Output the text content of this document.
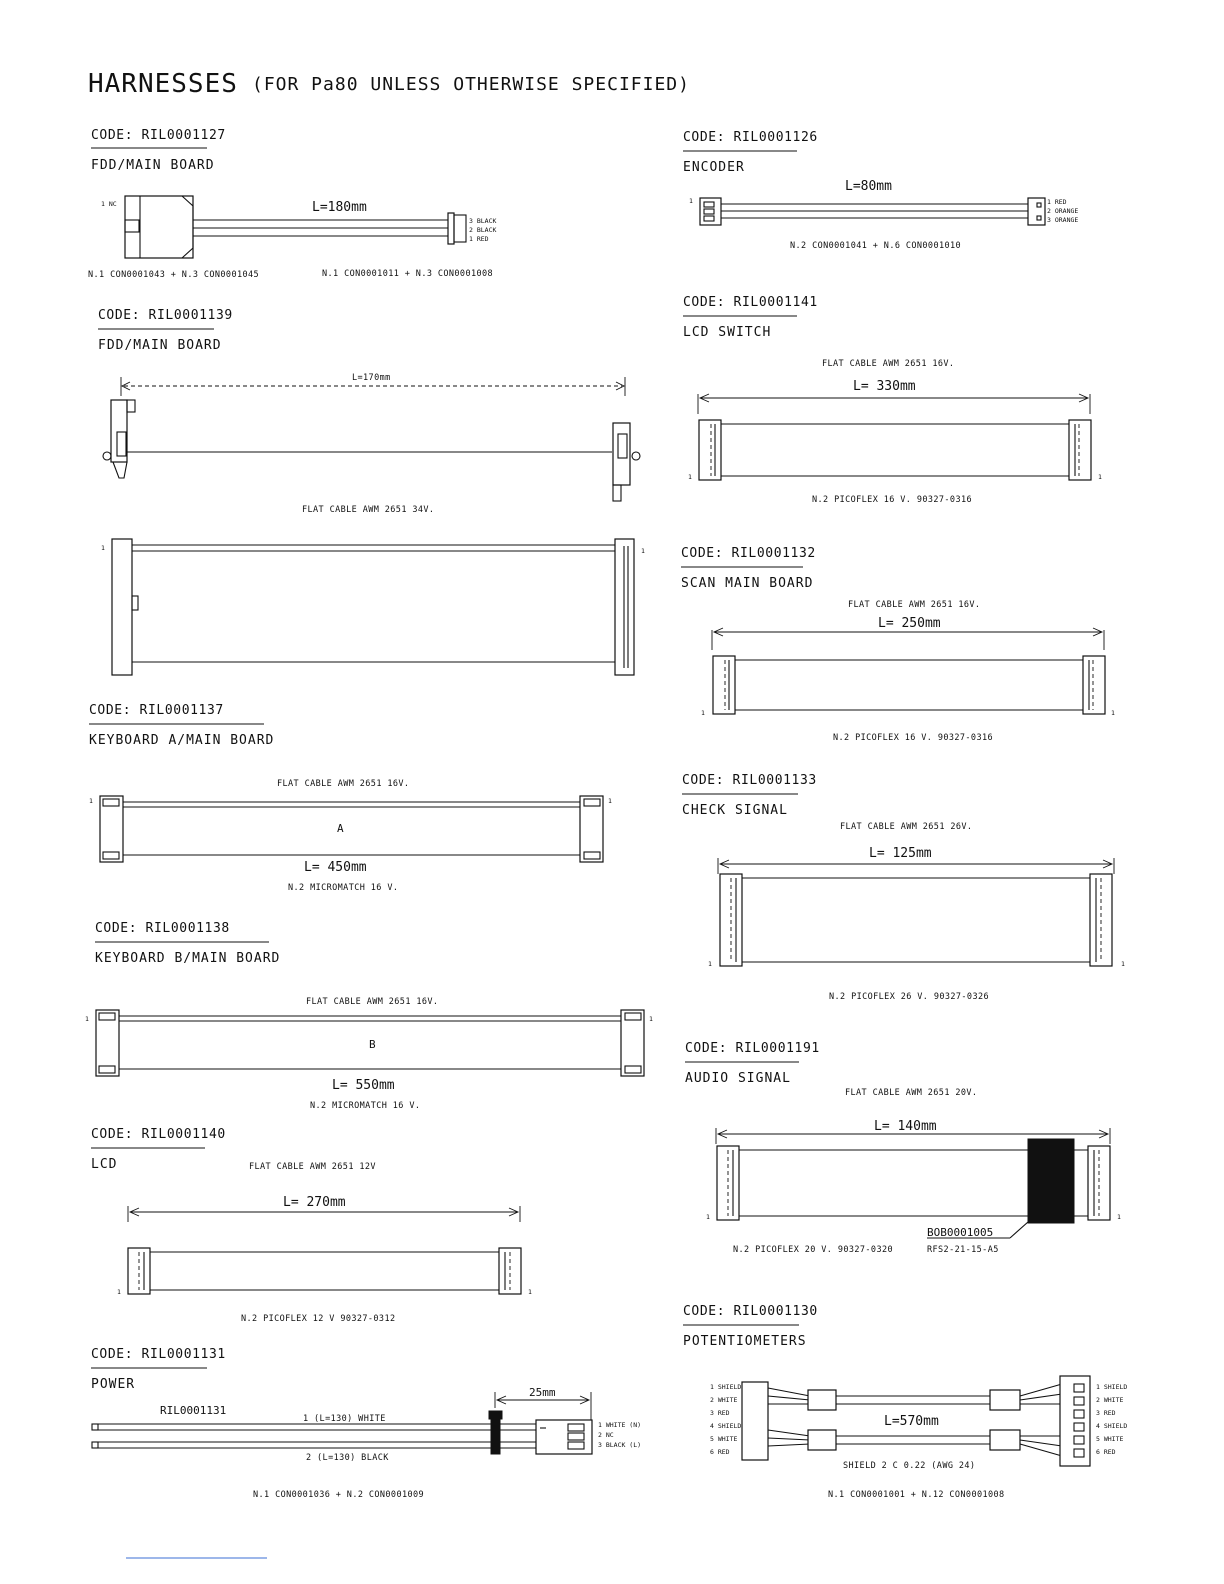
HARNESSES (FOR Pa80 UNLESS OTHERWISE SPECIFIED)
CODE: RIL0001127
FDD/MAIN BOARD
1 NC	L=180mm
3 BLACK
2 BLACK
1 RED
N.1 CON0001043 + N.3 CON0001045	N.1 CON0001011 + N.3 CON0001008
CODE: RIL0001126
ENCODER
L=80mm
1	1 RED
2 ORANGE
3 ORANGE
N.2 CON0001041 + N.6 CON0001010
CODE: RIL0001139
FDD/MAIN BOARD
L=170mm
FLAT CABLE AWM 2651 34V.
1	1
CODE: RIL0001141
LCD SWITCH
FLAT CABLE AWM 2651 16V.
L= 330mm
1	1
N.2 PICOFLEX 16 V. 90327-0316
CODE: RIL0001132
SCAN MAIN BOARD
FLAT CABLE AWM 2651 16V.
L= 250mm
1	1
N.2 PICOFLEX 16 V. 90327-0316
CODE: RIL0001137
KEYBOARD A/MAIN BOARD
FLAT CABLE AWM 2651 16V.
1	1
A
L= 450mm
N.2 MICROMATCH 16 V.
CODE: RIL0001133
CHECK SIGNAL
FLAT CABLE AWM 2651 26V.
L= 125mm
1	1
N.2 PICOFLEX 26 V. 90327-0326
CODE: RIL0001138
KEYBOARD B/MAIN BOARD
FLAT CABLE AWM 2651 16V.
1	1
B
L= 550mm
N.2 MICROMATCH 16 V.
CODE: RIL0001191
AUDIO SIGNAL
FLAT CABLE AWM 2651 20V.
L= 140mm
1	1
BOB0001005
RFS2-21-15-A5
N.2 PICOFLEX 20 V. 90327-0320
CODE: RIL0001140
LCD	FLAT CABLE AWM 2651 12V
L= 270mm
1	1
N.2 PICOFLEX 12 V 90327-0312	CODE: RIL0001130
POTENTIOMETERS
1 SHIELD
2 WHITE
3 RED
4 SHIELD
5 WHITE
6 RED
L=570mm
1 SHIELD
2 WHITE
3 RED
4 SHIELD
5 WHITE
6 RED
SHIELD 2 C 0.22 (AWG 24)
N.1 CON0001001 + N.12 CON0001008
CODE: RIL0001131
POWER
RIL0001131
1 (L=130) WHITE
2 (L=130) BLACK
25mm
1 WHITE (N)
2 NC
3 BLACK (L)
N.1 CON0001036 + N.2 CON0001009
